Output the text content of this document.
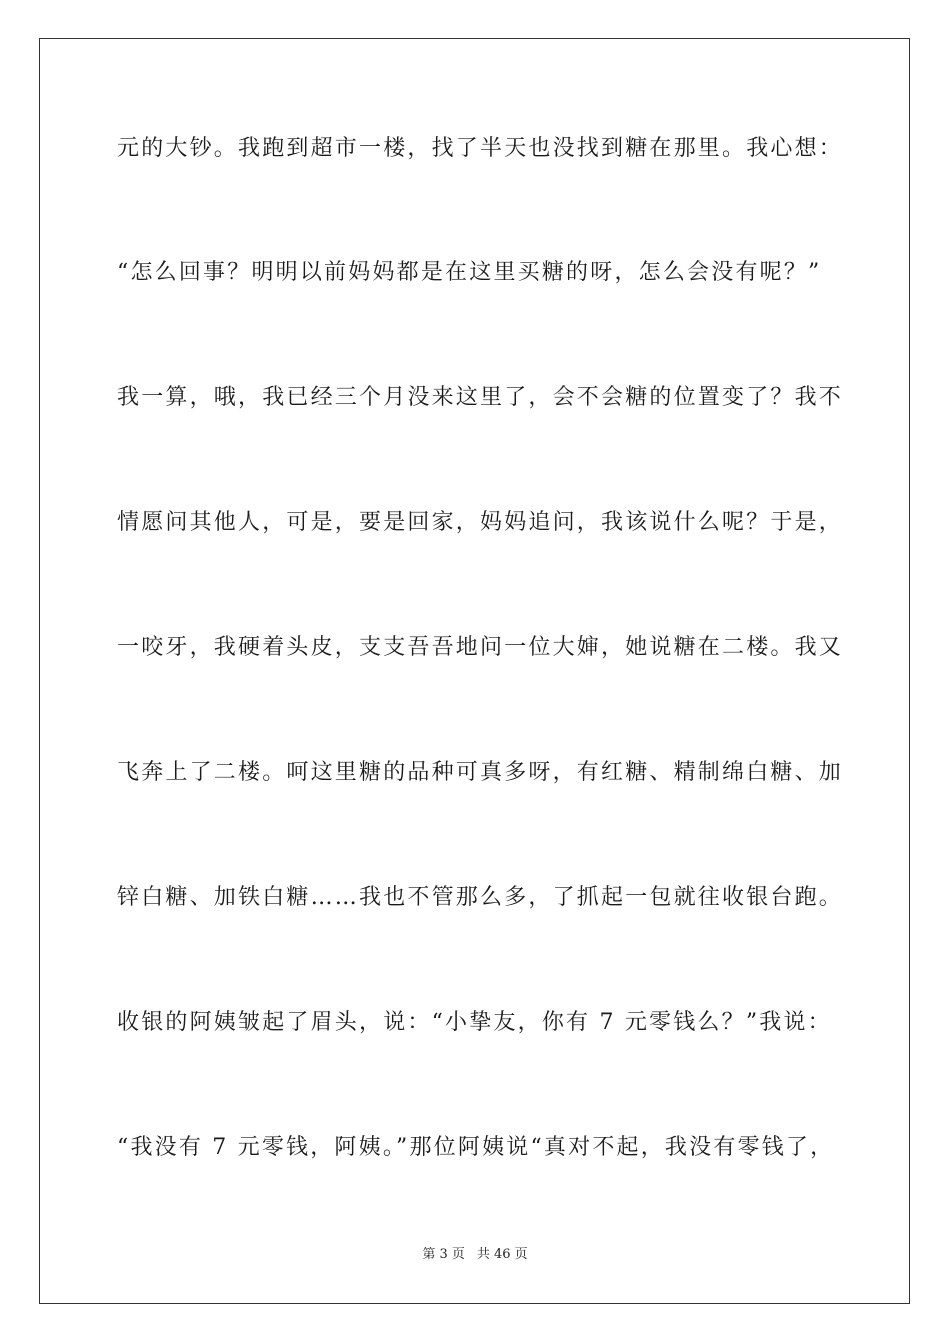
元的大钞。我跑到超市一楼，找了半天也没找到糖在那里。我心想：
“怎么回事？明明以前妈妈都是在这里买糖的呀，怎么会没有呢？”
我一算，哦，我已经三个月没来这里了，会不会糖的位置变了？我不
情愿问其他人，可是，要是回家，妈妈追问，我该说什么呢？于是，
一咬牙，我硬着头皮，支支吾吾地问一位大婶，她说糖在二楼。我又
飞奔上了二楼。呵这里糖的品种可真多呀，有红糖、精制绵白糖、加
锌白糖、加铁白糖……我也不管那么多，了抓起一包就往收银台跑。
收银的阿姨皱起了眉头，说：“小挚友，你有 7 元零钱么？”我说：
“我没有 7 元零钱，阿姨。”那位阿姨说“真对不起，我没有零钱了，
第 3 页 共 46 页
